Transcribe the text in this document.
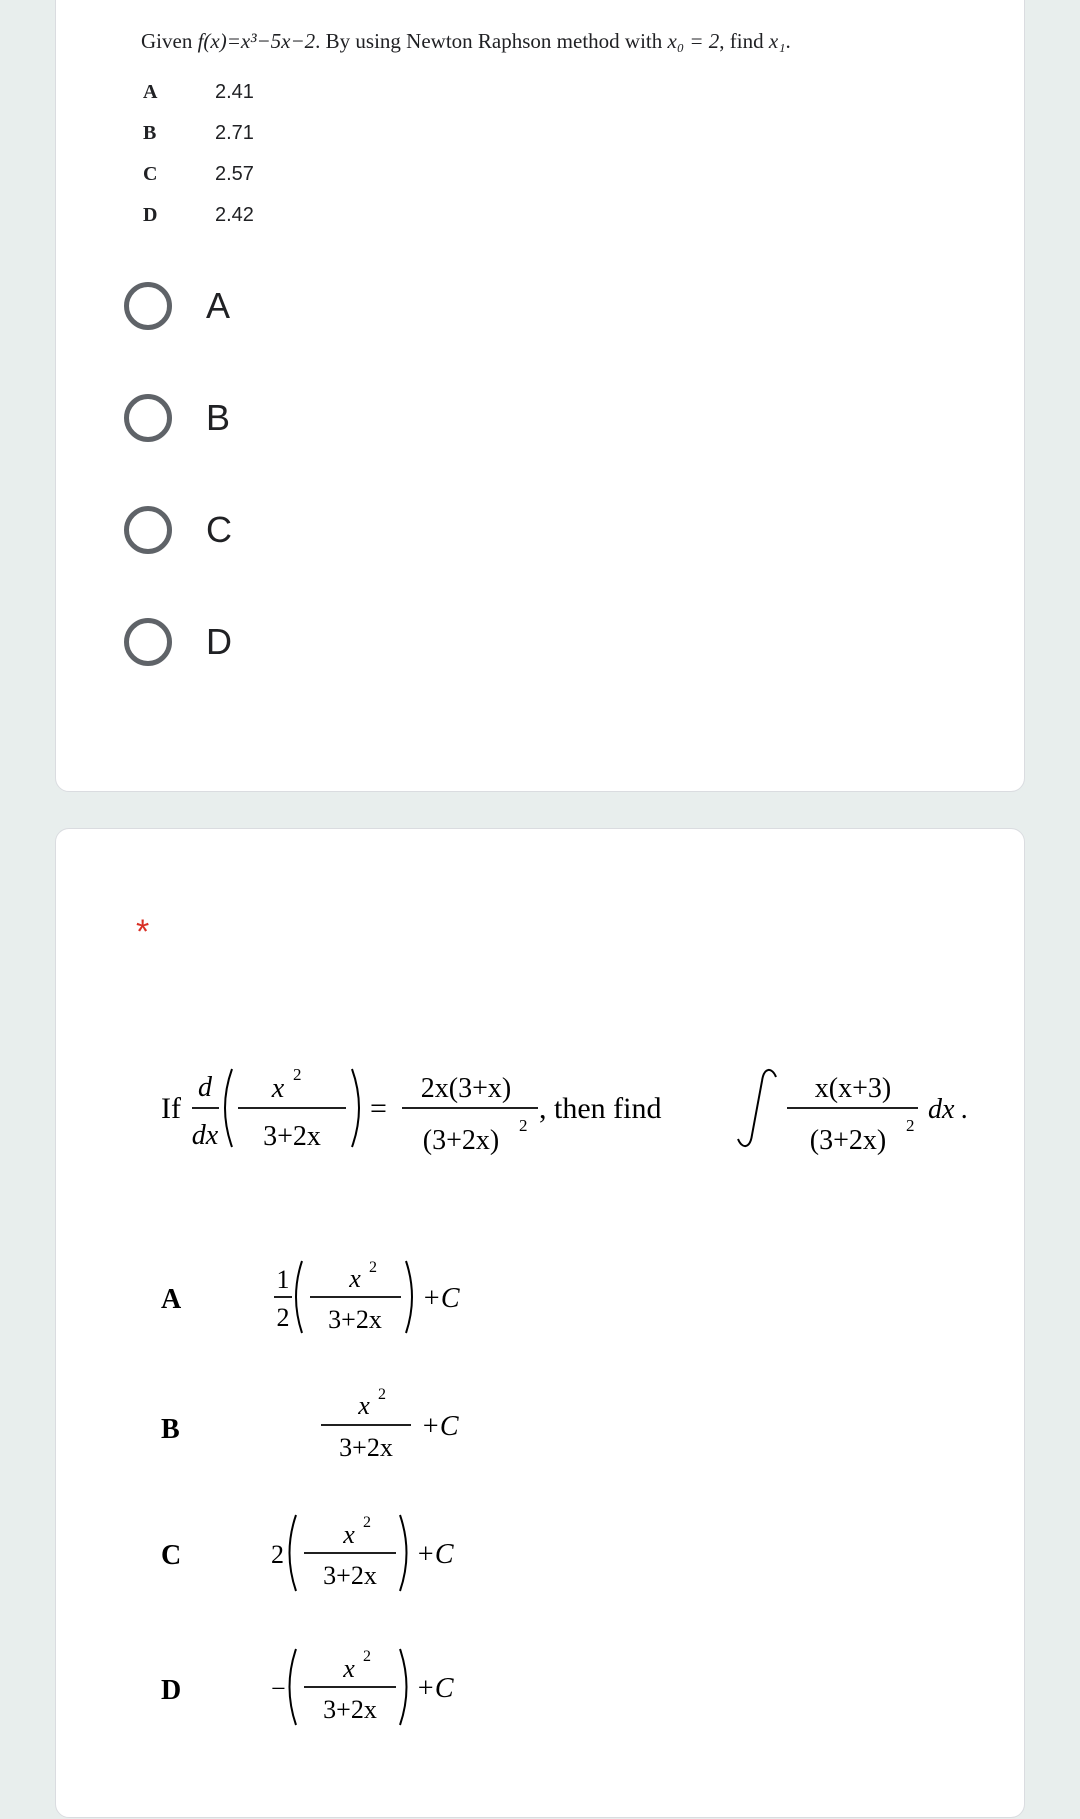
Given f(x)=x³−5x−2. By using Newton Raphson method with x₀ = 2, find x₁.
A	2.41
B	2.71
C	2.57
D	2.42
A
B
C
D
*
If
d
dx
x 2
3+2x
=
2x(3+x)
(3+2x) 2
, then find
x(x+3)
(3+2x) 2
dx .
A
1
2
x 2
3+2x
+C
B
x 2
3+2x
+C
C	2
x 2
3+2x
+C
D	−
x 2
3+2x
+C
